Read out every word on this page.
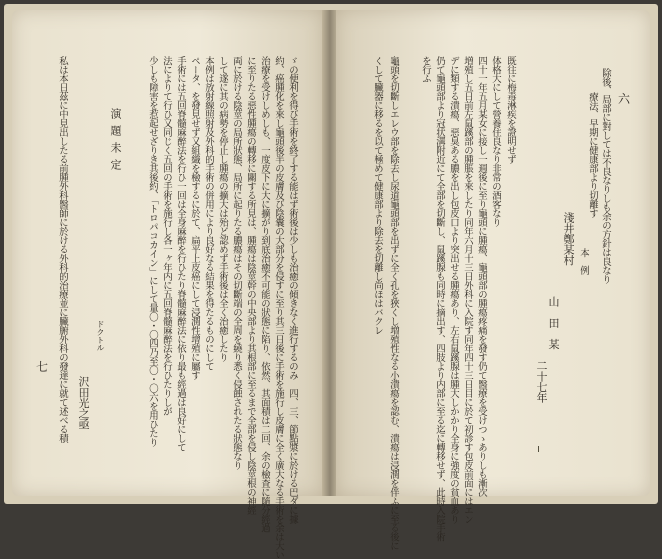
六
除後、局部に對しては不良なりしも余の方針は良なり
療法、早期に健康部より切離す
本　例
淺井鄭某村
山　田　某
二十七年
既往に梅毒淋疾を證明せず
体格大にして營養住良なり非常の酒客なり
四十一年五月某女に接し一週後に至り龜頭に腫瘍、龜頭部の腫瘍疼痛を發す仍て醫療を受けつゝありしも漸次
増殖し五日前左鼠蹊部の腫脹を來したり同年六月十三日外科に入院す同年四十三日目に於て初診す包皮前面にはエン
デに類する潰瘍、惡臭ある膿を出し包皮口より突出せる腫瘍あり、左右鼠蹊腺は腫大しかかり全身に強度の貧血あり
仍て龜頭部より冠状溝附近にて全部を切斷し、鼠蹊腺も同時に摘出す、四肢より内部に至る迄に轉移せず、此時入院手術
を行ふ
龜頭を切斷しエレウ部を除去し尿道龜頭部を出ずに全く孔を狹くし増殖性なる小潰瘍を認む、潰瘍は浸潤を伴ふに至る後に
くして臟器に移るを以て極めて健康部より除去を切離し尚ほはバクレ
ゞの便利を得び手術を終了する能はず術後は少しも治癒の傾きなく進行するのみ　四、三、節點漿に於ける巴ダに據
約、癌腫化を來し龜頭後半の皮膚及び陰囊の大部分を侵すに至り其三日後に手術を施行し皮膚に全く廣大なる手術を余は大い
治療を受けしめしも、一度皮下に大に擴がり到底治癒不可能の狀態に陷り、依然、其面積は二回、余の檢査に隨分經過
に至りたる惡性腫瘍の轉移に關する所見は、腫瘍は陰莖幹の中央部より其根部に至るまで全部を侵し陰莖根の神經
両に於ける陰莖の局所狀態、局所に起りたる膿瘍はその切斷端の全周を繞り悉く侵蝕されたる狀態なり
して遂に其の病勢を停止し腫瘍の擴大は殆ど認めず手術後は全く治癒したり
本例は放射線照射及外科的手術の併用により良好なる結果を得たるものにして
ペータ、を發見せず又組織を檢するに於て、扁平上皮癌にして浸潤性增殖に屬す
手術には五回脊髓麻醉法を行ひ一回は全身麻醉を行ひたり脊髓麻醉法に依り最も經過は良好にして
法によりて行ひ又同じく五回の手術を施行し各一ヶ年内に五回脊髓麻醉法を行ひたりしが
少しも障害を惹起せざりき其後約、「トロパコカイン」にして量〇・〇四乃至〇・〇六を用ひたり
演題未定
ドクトル
沢田光之亟
私は本日茲に中見出したる前腫外科醫師に於ける外科的治療並に臟腑外科の發達に就て述べる積
七
